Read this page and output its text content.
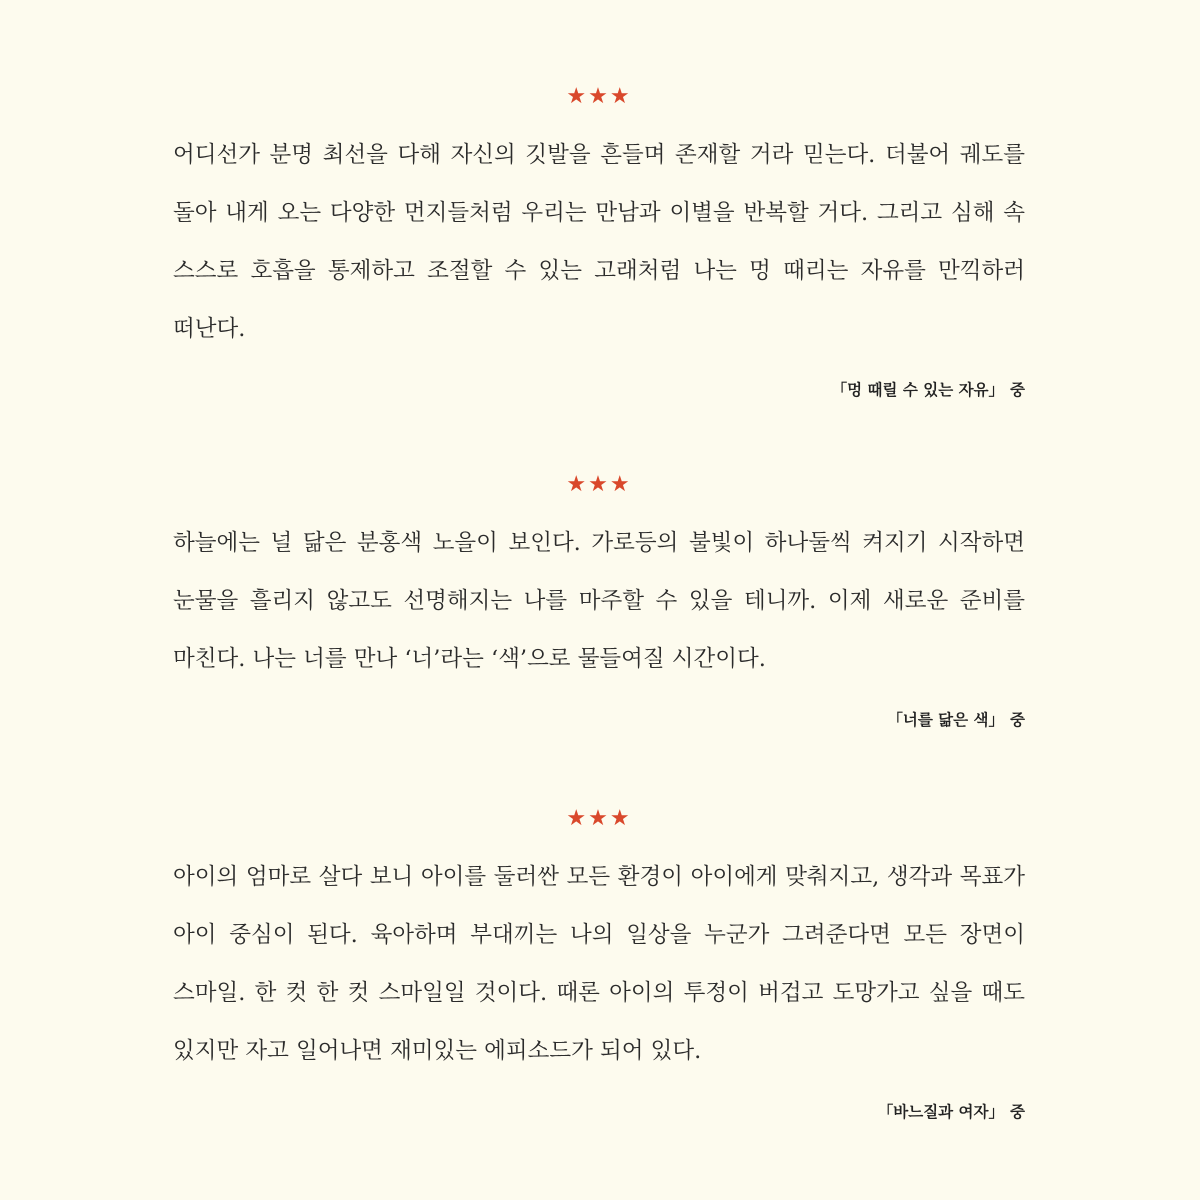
★★★

어디선가 분명 최선을 다해 자신의 깃발을 흔들며 존재할 거라 믿는다. 더불어 궤도를 돌아 내게 오는 다양한 먼지들처럼 우리는 만남과 이별을 반복할 거다. 그리고 심해 속 스스로 호흡을 통제하고 조절할 수 있는 고래처럼 나는 멍 때리는 자유를 만끽하러 떠난다.

「멍 때릴 수 있는 자유」 중
★★★

하늘에는 널 닮은 분홍색 노을이 보인다. 가로등의 불빛이 하나둘씩 켜지기 시작하면 눈물을 흘리지 않고도 선명해지는 나를 마주할 수 있을 테니까. 이제 새로운 준비를 마친다. 나는 너를 만나 ‘너’라는 ‘색’으로 물들여질 시간이다.

「너를 닮은 색」 중
★★★

아이의 엄마로 살다 보니 아이를 둘러싼 모든 환경이 아이에게 맞춰지고, 생각과 목표가 아이 중심이 된다. 육아하며 부대끼는 나의 일상을 누군가 그려준다면 모든 장면이 스마일. 한 컷 한 컷 스마일일 것이다. 때론 아이의 투정이 버겁고 도망가고 싶을 때도 있지만 자고 일어나면 재미있는 에피소드가 되어 있다.

「바느질과 여자」 중
